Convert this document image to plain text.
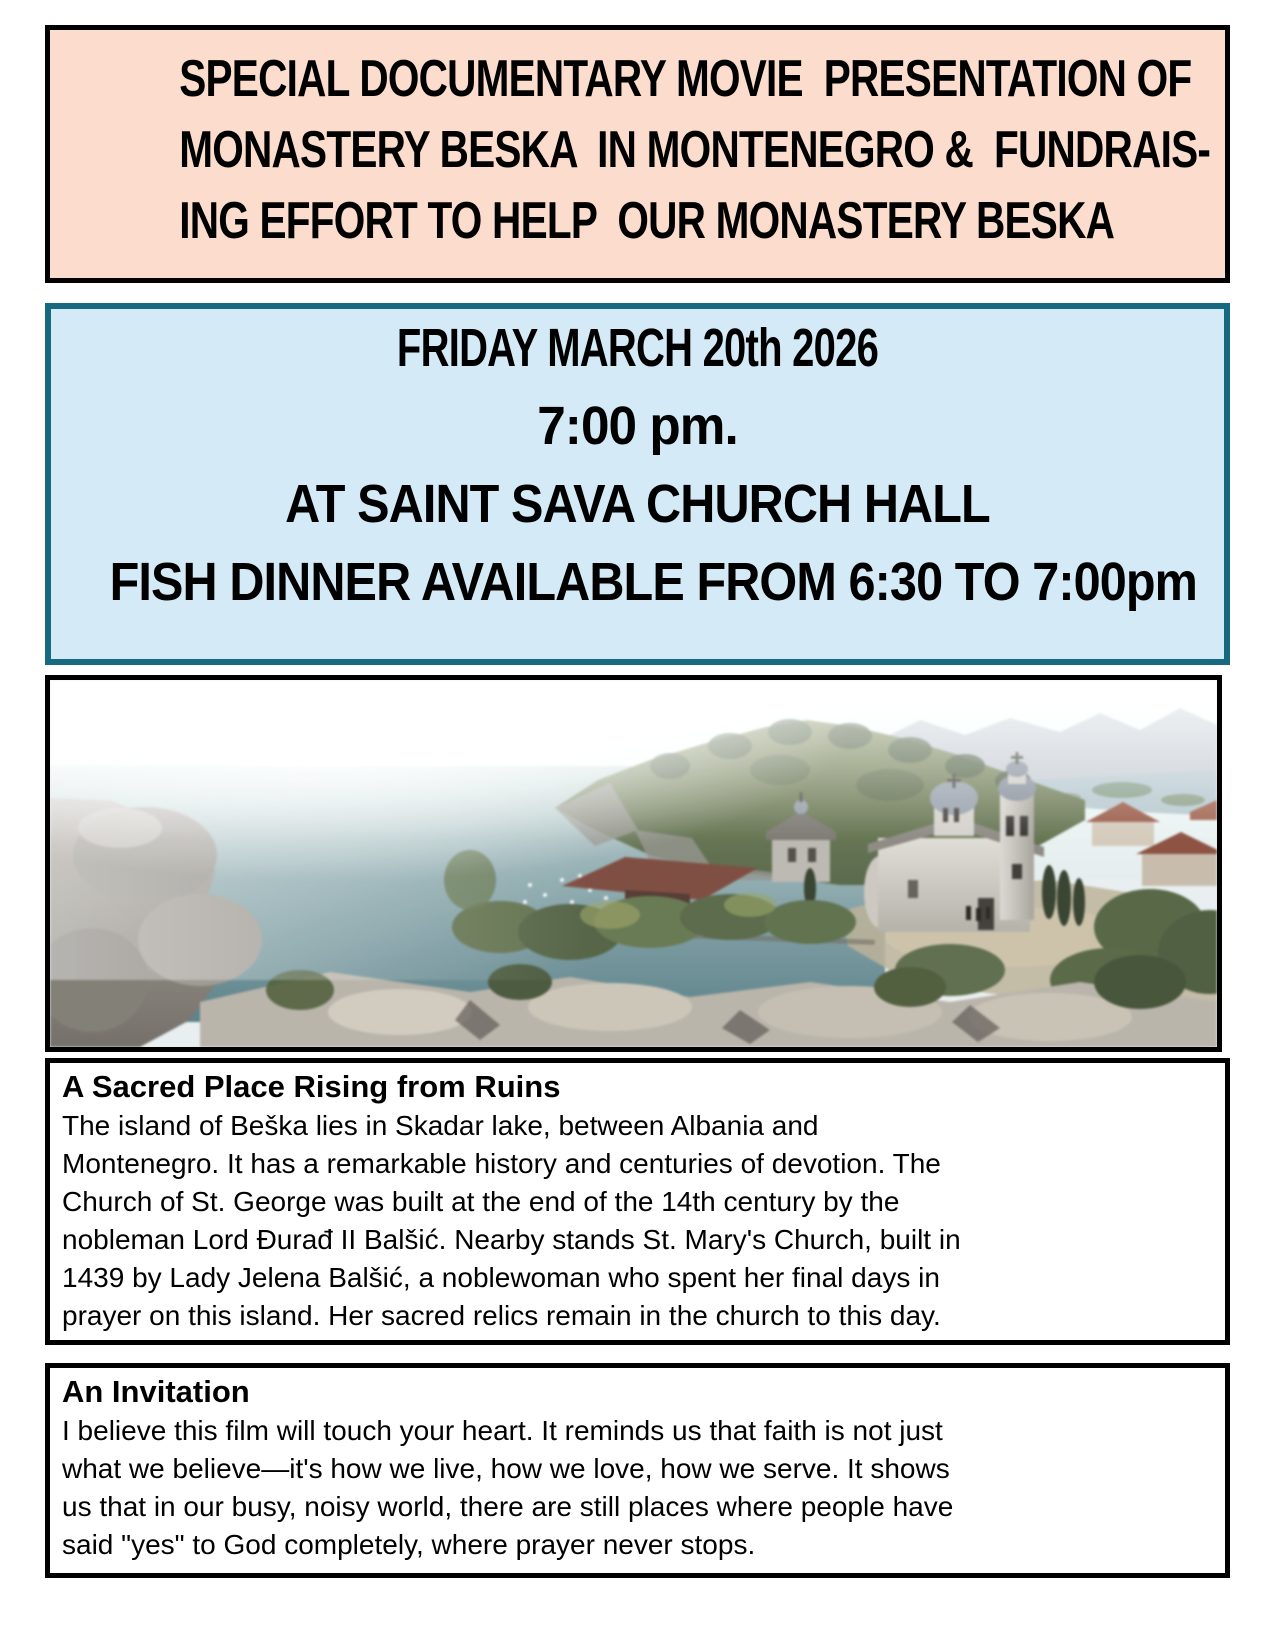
SPECIAL DOCUMENTARY MOVIE  PRESENTATION OF
MONASTERY BESKA  IN MONTENEGRO &  FUNDRAIS-
ING EFFORT TO HELP  OUR MONASTERY BESKA
FRIDAY MARCH 20th 2026
7:00 pm.
AT SAINT SAVA CHURCH HALL
FISH DINNER AVAILABLE FROM 6:30 TO 7:00pm
A Sacred Place Rising from Ruins
The island of Beška lies in Skadar lake, between Albania and
Montenegro. It has a remarkable history and centuries of devotion. The
Church of St. George was built at the end of the 14th century by the
nobleman Lord Đurađ II Balšić. Nearby stands St. Mary's Church, built in
1439 by Lady Jelena Balšić, a noblewoman who spent her final days in
prayer on this island. Her sacred relics remain in the church to this day.
An Invitation
I believe this film will touch your heart. It reminds us that faith is not just
what we believe—it's how we live, how we love, how we serve. It shows
us that in our busy, noisy world, there are still places where people have
said "yes" to God completely, where prayer never stops.
